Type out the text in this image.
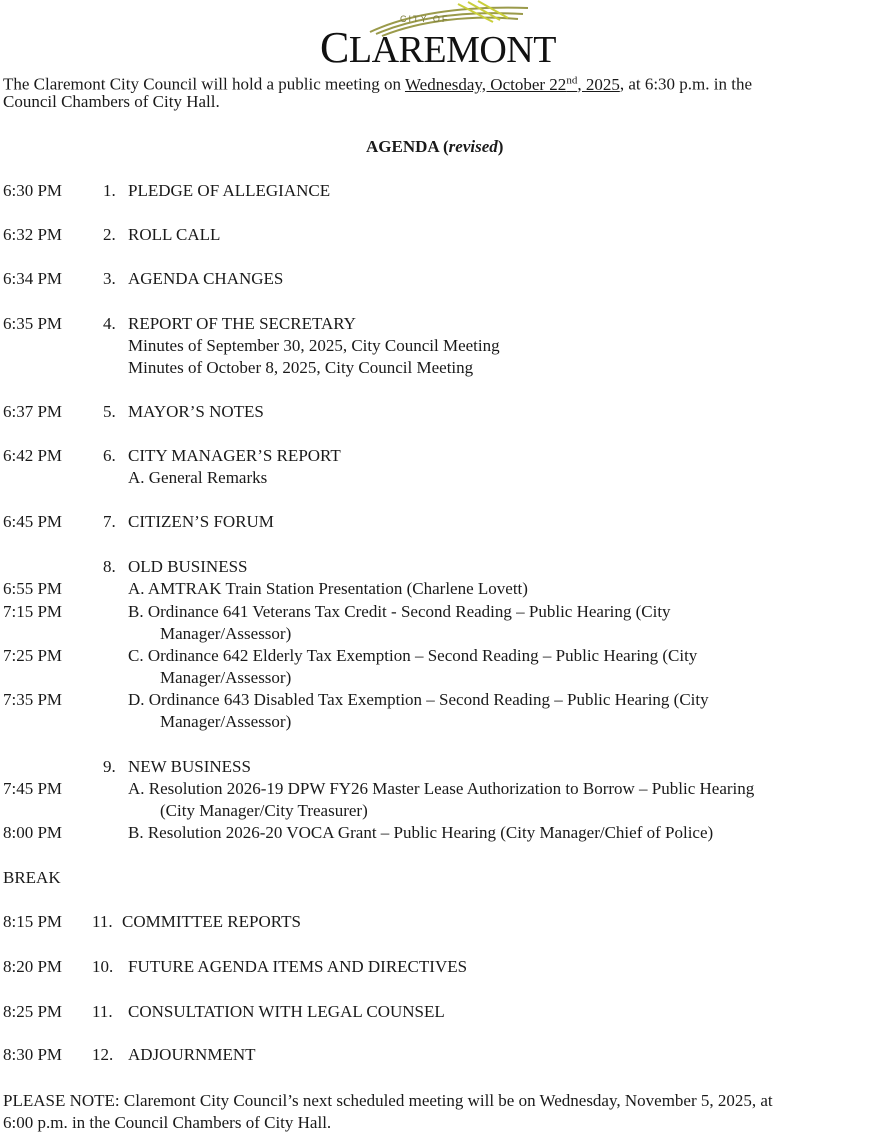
CITY OF
CLAREMONT
The Claremont City Council will hold a public meeting on Wednesday, October 22nd, 2025, at 6:30 p.m. in the
Council Chambers of City Hall.
AGENDA (revised)
6:30 PM 1. PLEDGE OF ALLEGIANCE
6:32 PM 2. ROLL CALL
6:34 PM 3. AGENDA CHANGES
6:35 PM 4. REPORT OF THE SECRETARY
Minutes of September 30, 2025, City Council Meeting
Minutes of October 8, 2025, City Council Meeting
6:37 PM 5. MAYOR’S NOTES
6:42 PM 6. CITY MANAGER’S REPORT
A. General Remarks
6:45 PM 7. CITIZEN’S FORUM
8. OLD BUSINESS
6:55 PM	A. AMTRAK Train Station Presentation (Charlene Lovett)
7:15 PM	B. Ordinance 641 Veterans Tax Credit - Second Reading – Public Hearing (City
Manager/Assessor)
7:25 PM	C. Ordinance 642 Elderly Tax Exemption – Second Reading – Public Hearing (City
Manager/Assessor)
7:35 PM	D. Ordinance 643 Disabled Tax Exemption – Second Reading – Public Hearing (City
Manager/Assessor)
9. NEW BUSINESS
7:45 PM	A. Resolution 2026-19 DPW FY26 Master Lease Authorization to Borrow – Public Hearing
(City Manager/City Treasurer)
8:00 PM	B. Resolution 2026-20 VOCA Grant – Public Hearing (City Manager/Chief of Police)
BREAK
8:15 PM 11. COMMITTEE REPORTS
8:20 PM 10. FUTURE AGENDA ITEMS AND DIRECTIVES
8:25 PM 11. CONSULTATION WITH LEGAL COUNSEL
8:30 PM 12. ADJOURNMENT
PLEASE NOTE: Claremont City Council’s next scheduled meeting will be on Wednesday, November 5, 2025, at
6:00 p.m. in the Council Chambers of City Hall.
